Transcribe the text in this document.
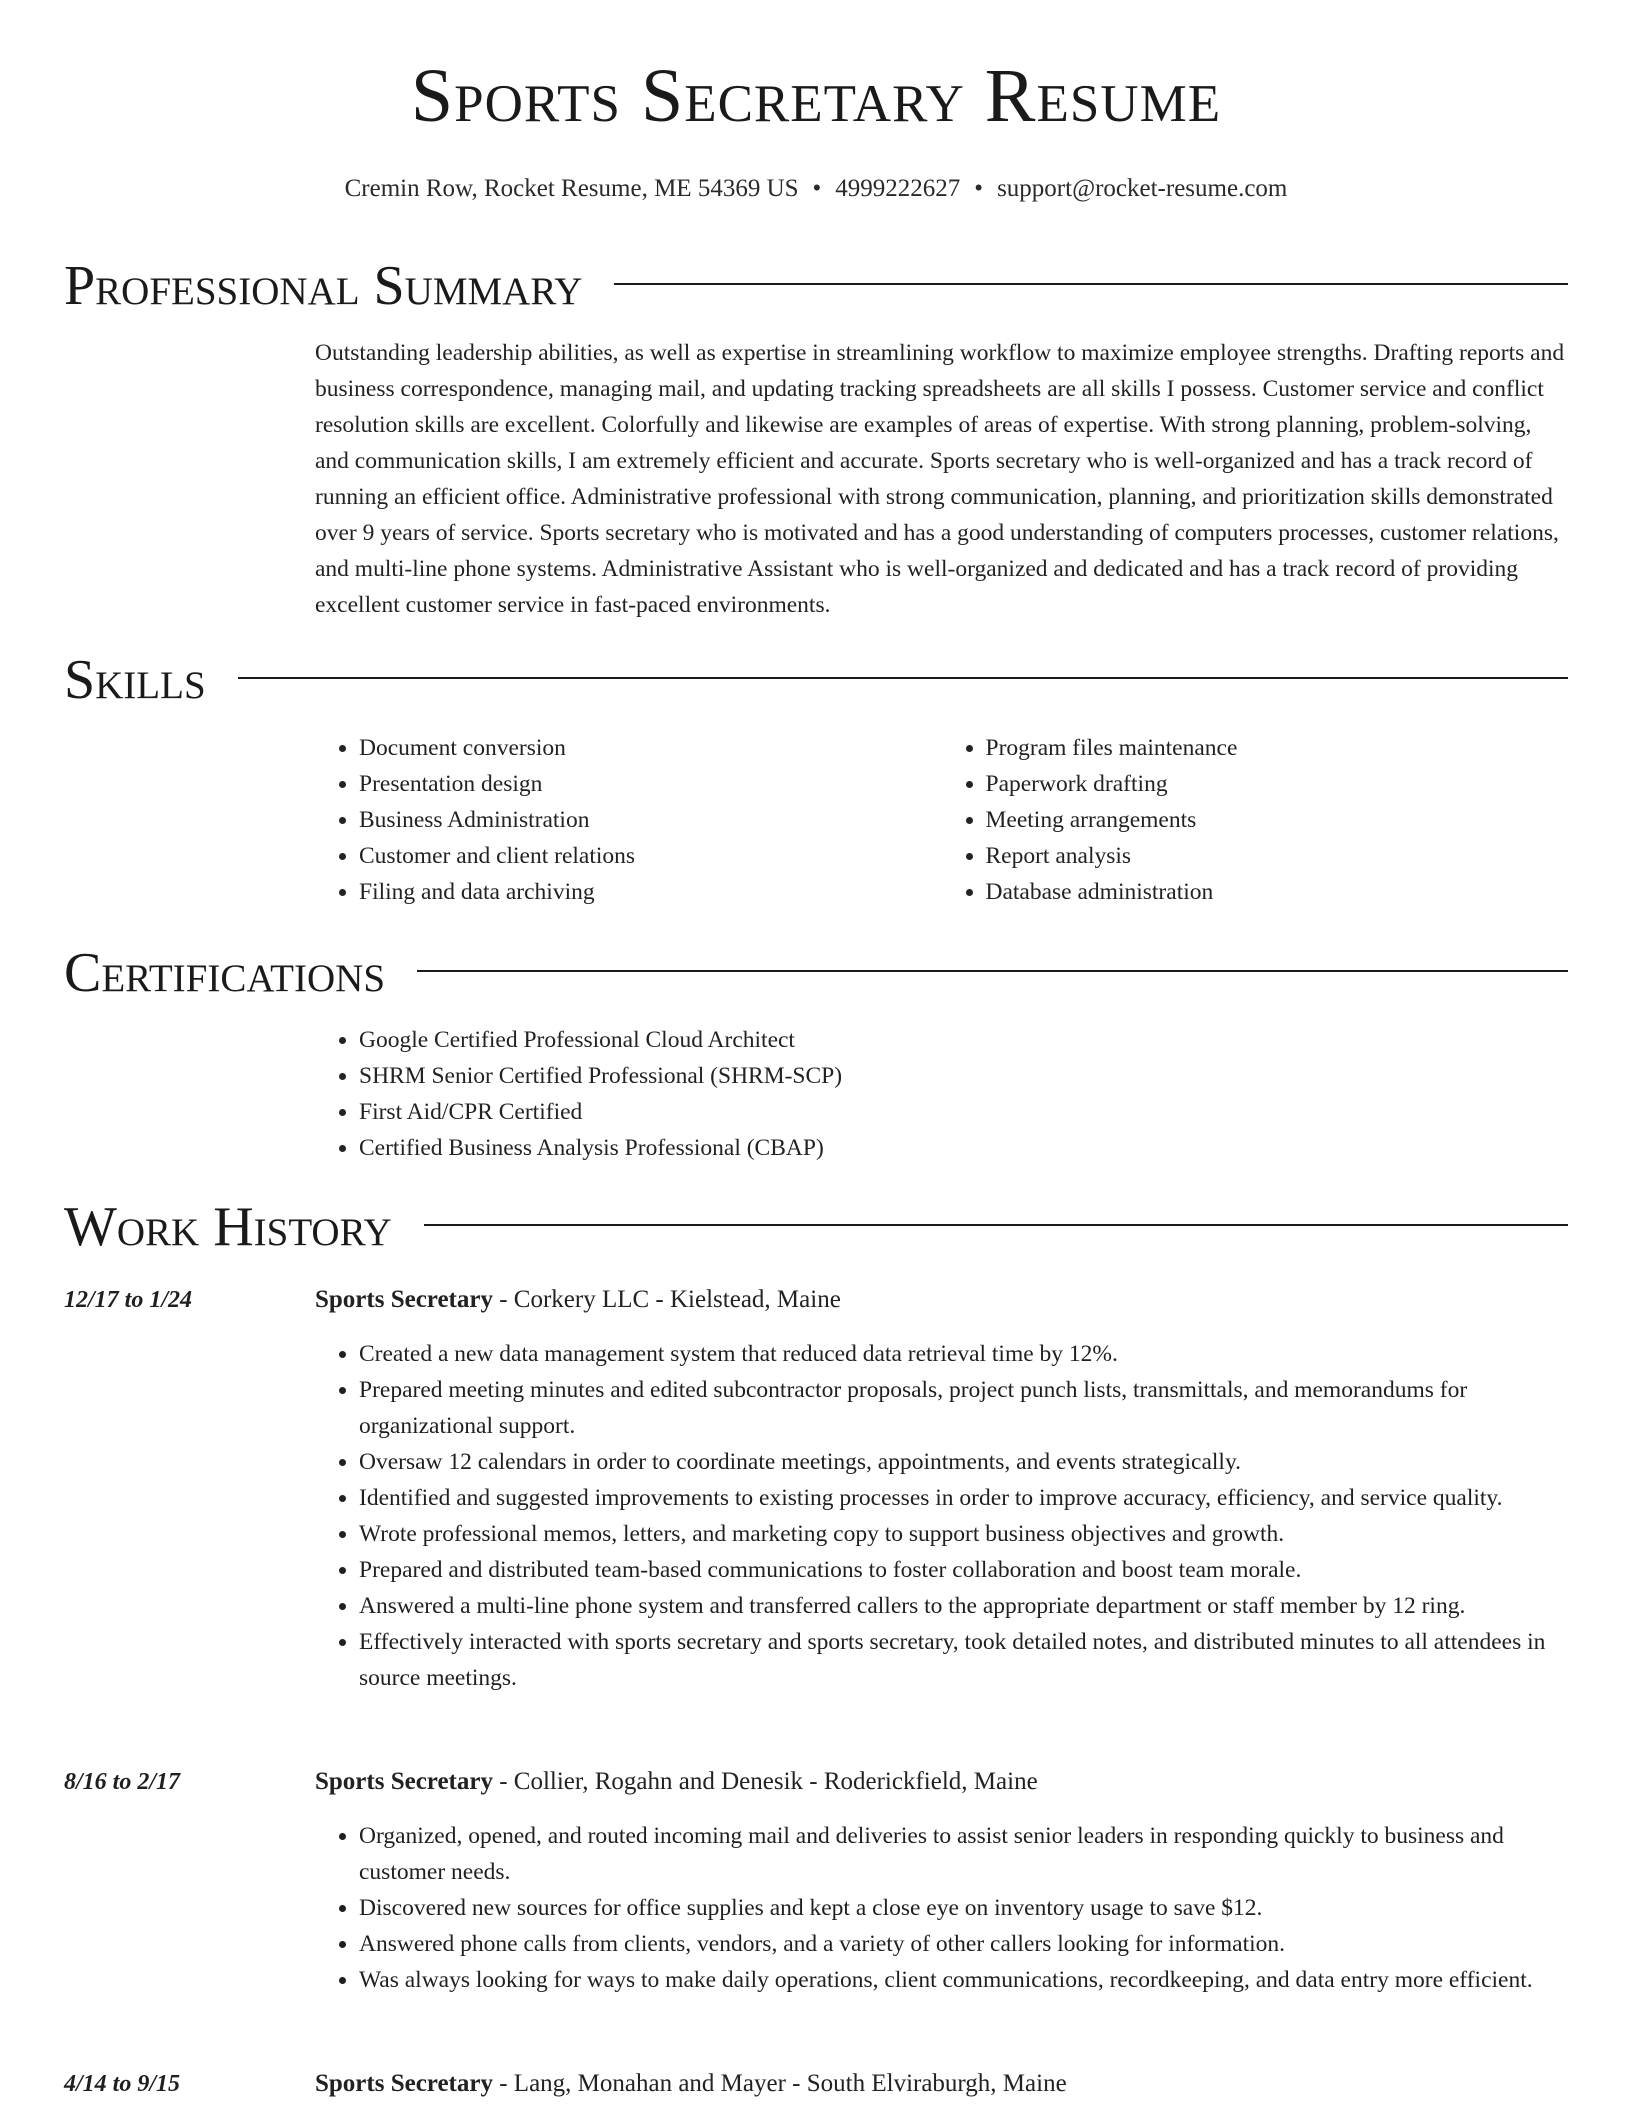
Sports Secretary Resume
Cremin Row, Rocket Resume, ME 54369 US • 4999222627 • support@rocket-resume.com
Professional Summary

Outstanding leadership abilities, as well as expertise in streamlining workflow to maximize employee strengths. Drafting reports and business correspondence, managing mail, and updating tracking spreadsheets are all skills I possess. Customer service and conflict resolution skills are excellent. Colorfully and likewise are examples of areas of expertise. With strong planning, problem-solving, and communication skills, I am extremely efficient and accurate. Sports secretary who is well-organized and has a track record of running an efficient office. Administrative professional with strong communication, planning, and prioritization skills demonstrated over 9 years of service. Sports secretary who is motivated and has a good understanding of computers processes, customer relations, and multi-line phone systems. Administrative Assistant who is well-organized and dedicated and has a track record of providing excellent customer service in fast-paced environments.

Skills
• Document conversion
• Presentation design
• Business Administration
• Customer and client relations
• Filing and data archiving
• Program files maintenance
• Paperwork drafting
• Meeting arrangements
• Report analysis
• Database administration
Certifications
• Google Certified Professional Cloud Architect
• SHRM Senior Certified Professional (SHRM-SCP)
• First Aid/CPR Certified
• Certified Business Analysis Professional (CBAP)
Work History
12/17 to 1/24	Sports Secretary - Corkery LLC - Kielstead, Maine
• Created a new data management system that reduced data retrieval time by 12%.
• Prepared meeting minutes and edited subcontractor proposals, project punch lists, transmittals, and memorandums for organizational support.
• Oversaw 12 calendars in order to coordinate meetings, appointments, and events strategically.
• Identified and suggested improvements to existing processes in order to improve accuracy, efficiency, and service quality.
• Wrote professional memos, letters, and marketing copy to support business objectives and growth.
• Prepared and distributed team-based communications to foster collaboration and boost team morale.
• Answered a multi-line phone system and transferred callers to the appropriate department or staff member by 12 ring.
• Effectively interacted with sports secretary and sports secretary, took detailed notes, and distributed minutes to all attendees in source meetings.
8/16 to 2/17	Sports Secretary - Collier, Rogahn and Denesik - Roderickfield, Maine
• Organized, opened, and routed incoming mail and deliveries to assist senior leaders in responding quickly to business and customer needs.
• Discovered new sources for office supplies and kept a close eye on inventory usage to save $12.
• Answered phone calls from clients, vendors, and a variety of other callers looking for information.
• Was always looking for ways to make daily operations, client communications, recordkeeping, and data entry more efficient.
4/14 to 9/15	Sports Secretary - Lang, Monahan and Mayer - South Elviraburgh, Maine
